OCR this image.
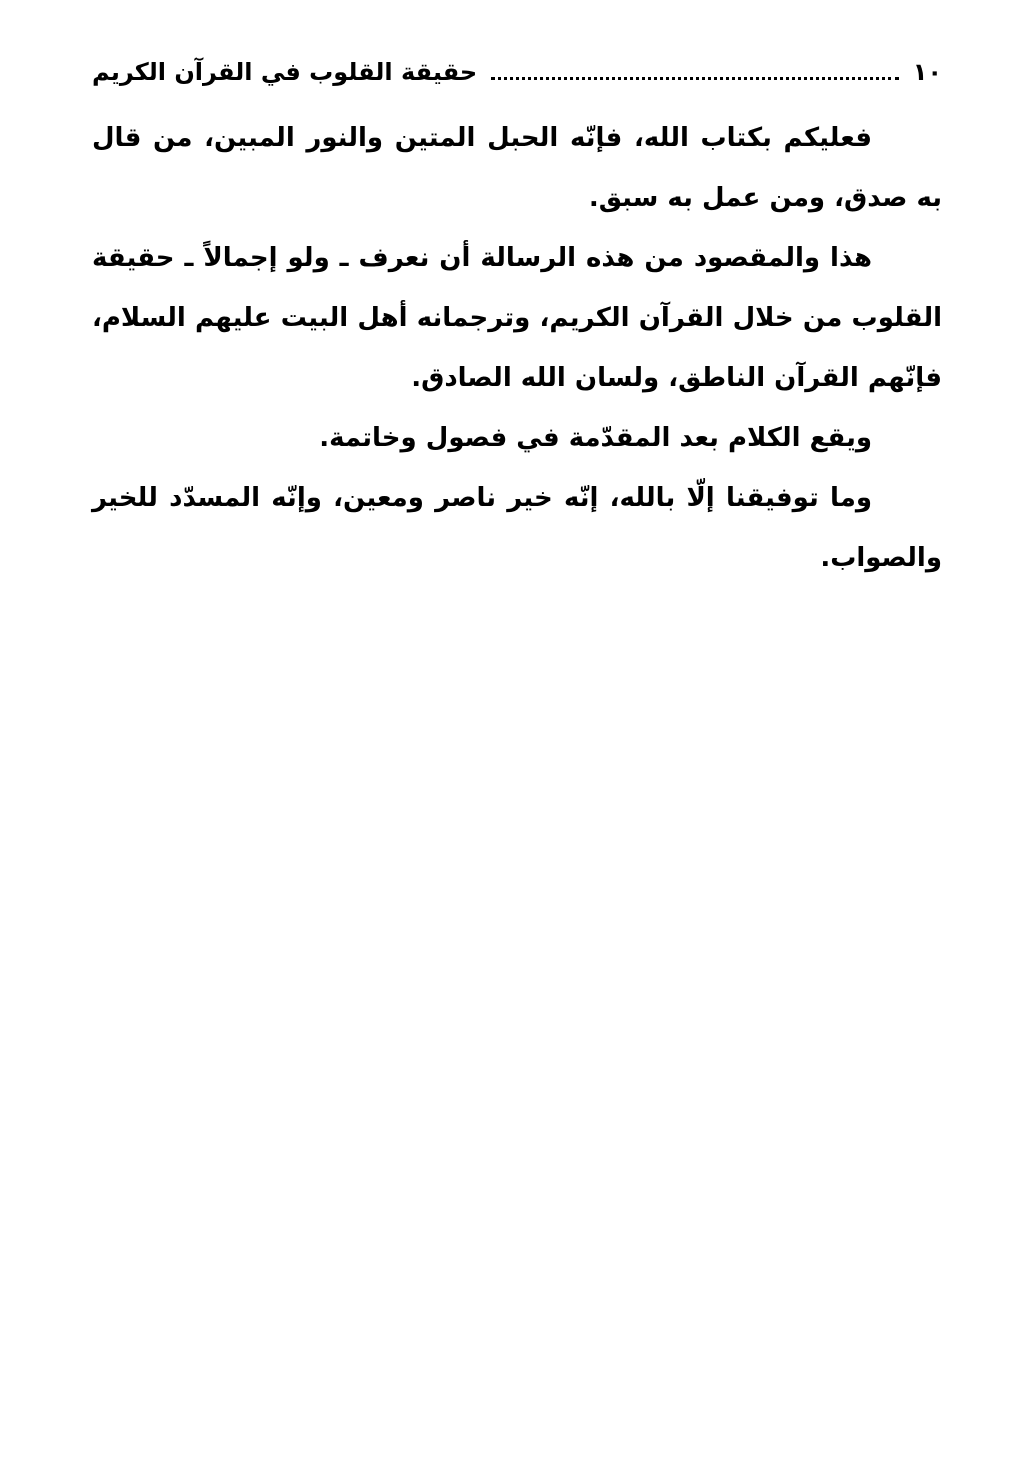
١٠
حقيقة القلوب في القرآن الكريم

فعليكم بكتاب الله، فإنّه الحبل المتين والنور المبين، من قال به صدق، ومن عمل به سبق.

هذا والمقصود من هذه الرسالة أن نعرف ـ ولو إجمالاً ـ حقيقة القلوب من خلال القرآن الكريم، وترجمانه أهل البيت عليهم السلام، فإنّهم القرآن الناطق، ولسان الله الصادق.

ويقع الكلام بعد المقدّمة في فصول وخاتمة.

وما توفيقنا إلّا بالله، إنّه خير ناصر ومعين، وإنّه المسدّد للخير والصواب.
